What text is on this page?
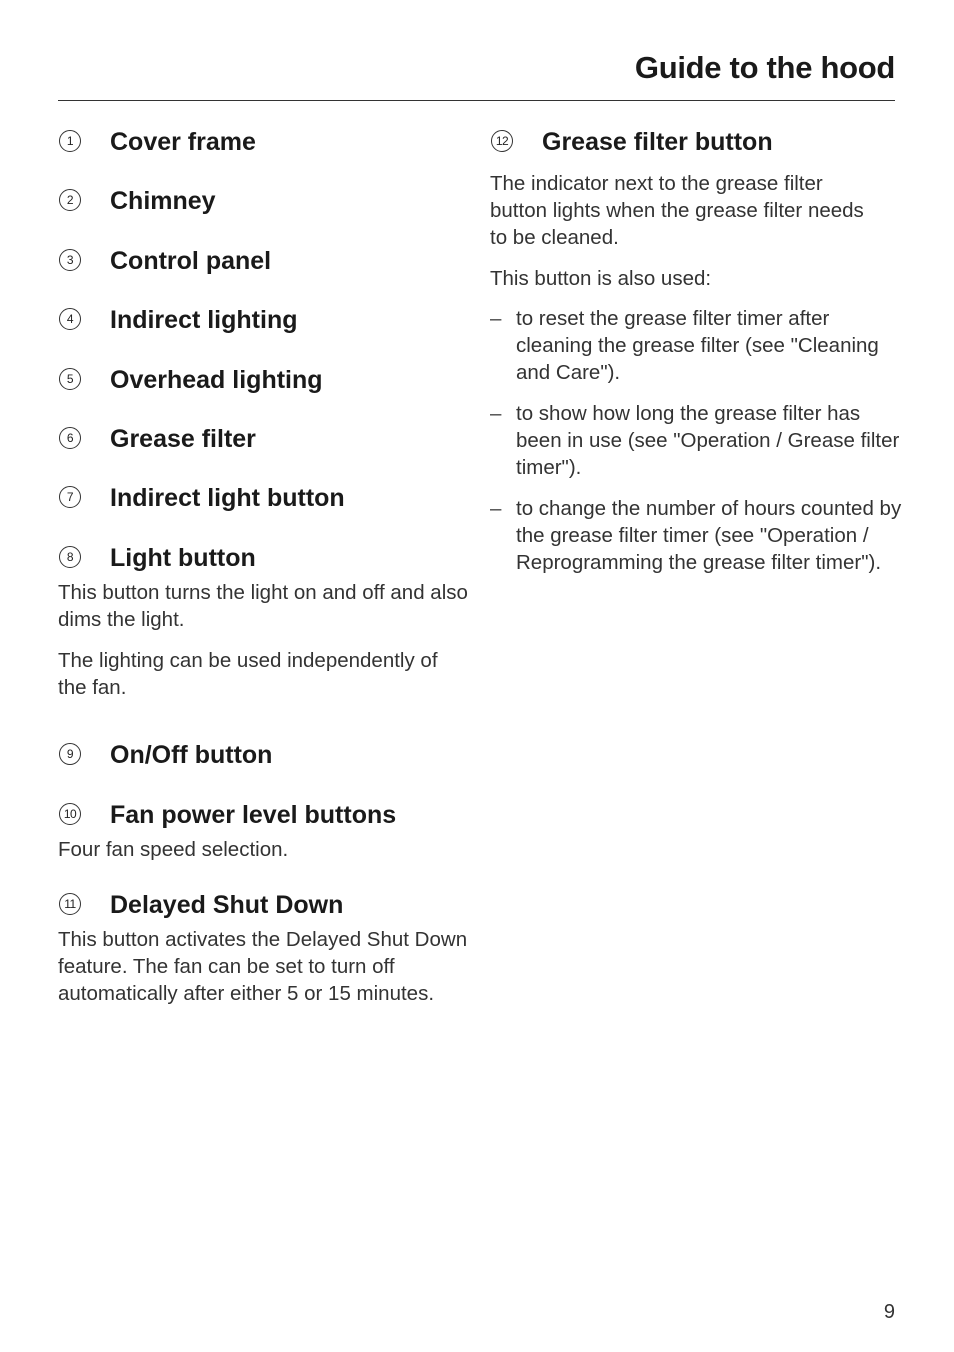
Guide to the hood
1	Cover frame
2	Chimney
3	Control panel
4	Indirect lighting
5	Overhead lighting
6	Grease filter
7	Indirect light button
8	Light button
This button turns the light on and off and also dims the light.
The lighting can be used independently of the fan.
9	On/Off button
10 Fan power level buttons
Four fan speed selection.
11 Delayed Shut Down
This button activates the Delayed Shut Down feature. The fan can be set to turn off automatically after either 5 or 15 minutes.
12 Grease filter button
The indicator next to the grease filter button lights when the grease filter needs to be cleaned.
This button is also used:
– to reset the grease filter timer after cleaning the grease filter (see "Cleaning and Care").
– to show how long the grease filter has been in use (see "Operation / Grease filter timer").
– to change the number of hours counted by the grease filter timer (see "Operation / Reprogramming the grease filter timer").
9
